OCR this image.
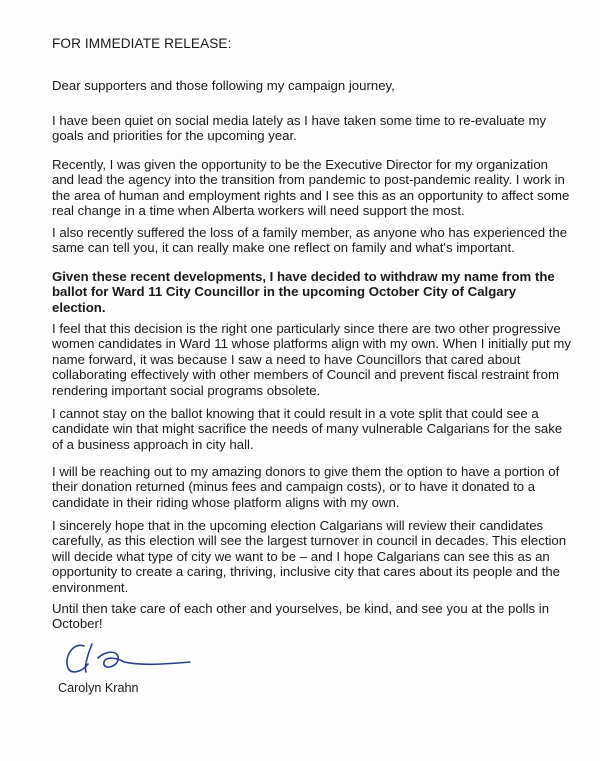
FOR IMMEDIATE RELEASE:

Dear supporters and those following my campaign journey,

I have been quiet on social media lately as I have taken some time to re-evaluate my goals and priorities for the upcoming year.

Recently, I was given the opportunity to be the Executive Director for my organization and lead the agency into the transition from pandemic to post-pandemic reality. I work in the area of human and employment rights and I see this as an opportunity to affect some real change in a time when Alberta workers will need support the most.

I also recently suffered the loss of a family member, as anyone who has experienced the same can tell you, it can really make one reflect on family and what's important.

Given these recent developments, I have decided to withdraw my name from the ballot for Ward 11 City Councillor in the upcoming October City of Calgary election.

I feel that this decision is the right one particularly since there are two other progressive women candidates in Ward 11 whose platforms align with my own. When I initially put my name forward, it was because I saw a need to have Councillors that cared about collaborating effectively with other members of Council and prevent fiscal restraint from rendering important social programs obsolete.

I cannot stay on the ballot knowing that it could result in a vote split that could see a candidate win that might sacrifice the needs of many vulnerable Calgarians for the sake of a business approach in city hall.

I will be reaching out to my amazing donors to give them the option to have a portion of their donation returned (minus fees and campaign costs), or to have it donated to a candidate in their riding whose platform aligns with my own.

I sincerely hope that in the upcoming election Calgarians will review their candidates carefully, as this election will see the largest turnover in council in decades. This election will decide what type of city we want to be – and I hope Calgarians can see this as an opportunity to create a caring, thriving, inclusive city that cares about its people and the environment.

Until then take care of each other and yourselves, be kind, and see you at the polls in October!

Carolyn Krahn
